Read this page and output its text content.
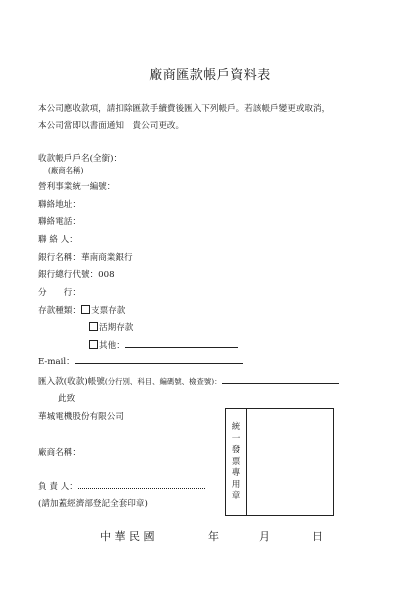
廠商匯款帳戶資料表
本公司應收款項，請扣除匯款手續費後匯入下列帳戶。若該帳戶變更或取消，
本公司當即以書面通知　貴公司更改。
收款帳戶戶名(全銜)：
(廠商名稱)
營利事業統一編號：
聯絡地址：
聯絡電話：
聯 絡 人：
銀行名稱：華南商業銀行
銀行總行代號：008
分　　行：
存款種類： 支票存款
活期存款
其他：
E-mail：
匯入款(收款)帳號(分行別、科目、編碼號、檢查號)：
此致
華城電機股份有限公司
廠商名稱：
負 責 人：
(請加蓋經濟部登記全套印章)
統一發票專用章
中 華 民 國	年	月	日
